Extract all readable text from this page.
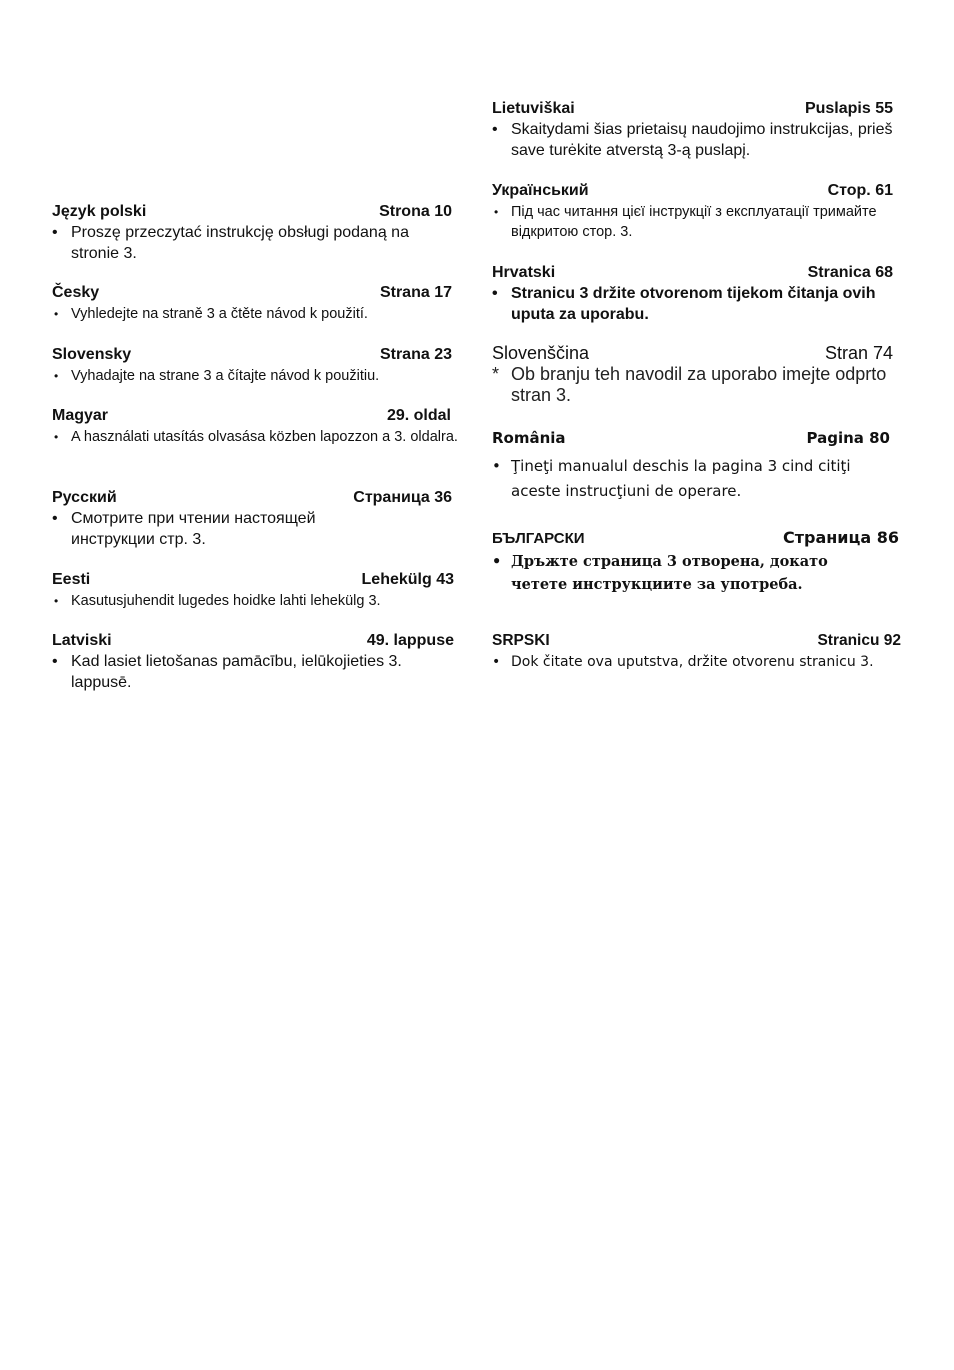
Język polski	Strona 10
• Proszę przeczytać instrukcję obsługi podaną na stronie 3.
Česky	Strana 17
• Vyhledejte na straně 3 a čtěte návod k použití.
Slovensky	Strana 23
• Vyhadajte na strane 3 a čítajte návod k použitiu.
Magyar	29. oldal
• A használati utasítás olvasása közben lapozzon a 3. oldalra.
Русский	Страница 36
• Смотрите при чтении настоящей инструкции стр. 3.
Eesti	Lehekülg 43
• Kasutusjuhendit lugedes hoidke lahti lehekülg 3.
Latviski	49. lappuse
• Kad lasiet lietošanas pamācību, ielūkojieties 3. lappusē.
Lietuviškai	Puslapis 55
• Skaitydami šias prietaisų naudojimo instrukcijas, prieš save turėkite atverstą 3-ą puslapį.
Український	Стор. 61
• Під час читання цієї інструкції з експлуатації тримайте відкритою стор. 3.
Hrvatski	Stranica 68
• Stranicu 3 držite otvorenom tijekom čitanja ovih uputa za uporabu.
Slovenščina	Stran 74
* Ob branju teh navodil za uporabo imejte odprto stran 3.
România	Pagina 80
• Ţineţi manualul deschis la pagina 3 cind citiţi aceste instrucţiuni de operare.
БЪЛГАРСКИ	Страница 86
• Дръжте страница 3 отворена, докато четете инструкциите за употреба.
SRPSKI	Stranicu 92
• Dok čitate ova uputstva, držite otvorenu stranicu 3.
